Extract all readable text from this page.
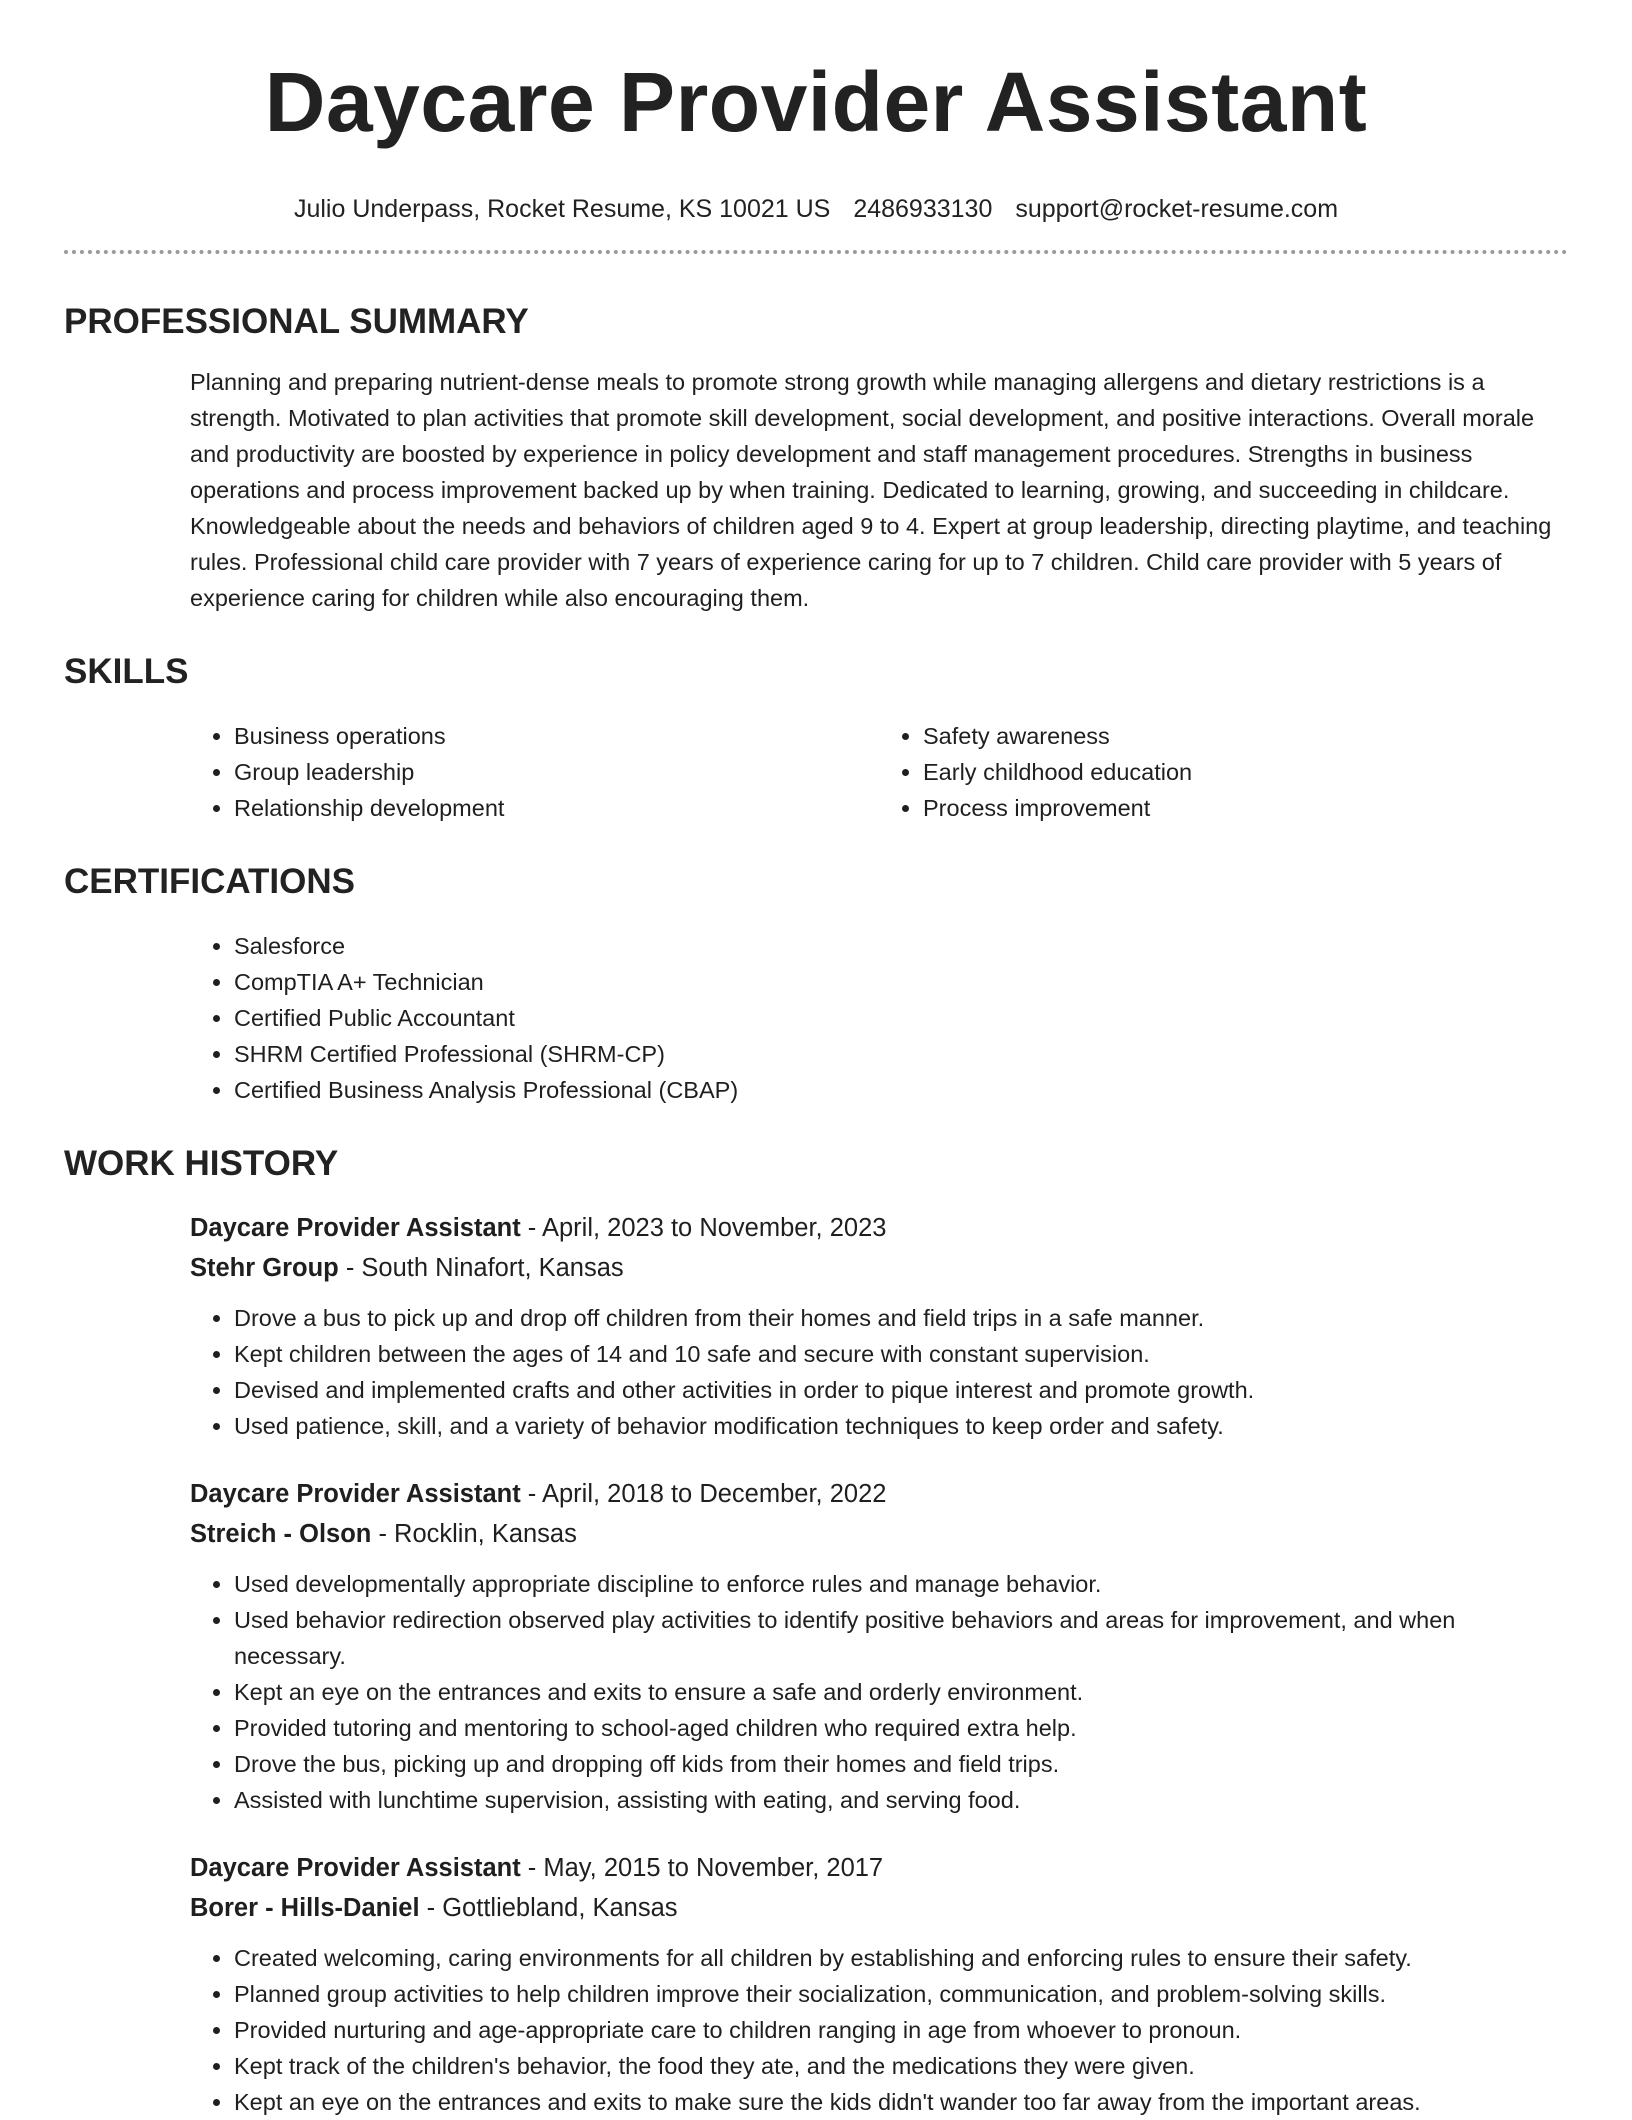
Daycare Provider Assistant
Julio Underpass, Rocket Resume, KS 10021 US 2486933130 support@rocket-resume.com
PROFESSIONAL SUMMARY
Planning and preparing nutrient-dense meals to promote strong growth while managing allergens and dietary restrictions is a strength. Motivated to plan activities that promote skill development, social development, and positive interactions. Overall morale and productivity are boosted by experience in policy development and staff management procedures. Strengths in business operations and process improvement backed up by when training. Dedicated to learning, growing, and succeeding in childcare. Knowledgeable about the needs and behaviors of children aged 9 to 4. Expert at group leadership, directing playtime, and teaching rules. Professional child care provider with 7 years of experience caring for up to 7 children. Child care provider with 5 years of experience caring for children while also encouraging them.
SKILLS
• Business operations
• Group leadership
• Relationship development
• Safety awareness
• Early childhood education
• Process improvement
CERTIFICATIONS
• Salesforce
• CompTIA A+ Technician
• Certified Public Accountant
• SHRM Certified Professional (SHRM-CP)
• Certified Business Analysis Professional (CBAP)
WORK HISTORY
Daycare Provider Assistant - April, 2023 to November, 2023
Stehr Group - South Ninafort, Kansas
• Drove a bus to pick up and drop off children from their homes and field trips in a safe manner.
• Kept children between the ages of 14 and 10 safe and secure with constant supervision.
• Devised and implemented crafts and other activities in order to pique interest and promote growth.
• Used patience, skill, and a variety of behavior modification techniques to keep order and safety.
Daycare Provider Assistant - April, 2018 to December, 2022
Streich - Olson - Rocklin, Kansas
• Used developmentally appropriate discipline to enforce rules and manage behavior.
• Used behavior redirection observed play activities to identify positive behaviors and areas for improvement, and when necessary.
• Kept an eye on the entrances and exits to ensure a safe and orderly environment.
• Provided tutoring and mentoring to school-aged children who required extra help.
• Drove the bus, picking up and dropping off kids from their homes and field trips.
• Assisted with lunchtime supervision, assisting with eating, and serving food.
Daycare Provider Assistant - May, 2015 to November, 2017
Borer - Hills-Daniel - Gottliebland, Kansas
• Created welcoming, caring environments for all children by establishing and enforcing rules to ensure their safety.
• Planned group activities to help children improve their socialization, communication, and problem-solving skills.
• Provided nurturing and age-appropriate care to children ranging in age from whoever to pronoun.
• Kept track of the children's behavior, the food they ate, and the medications they were given.
• Kept an eye on the entrances and exits to make sure the kids didn't wander too far away from the important areas.
